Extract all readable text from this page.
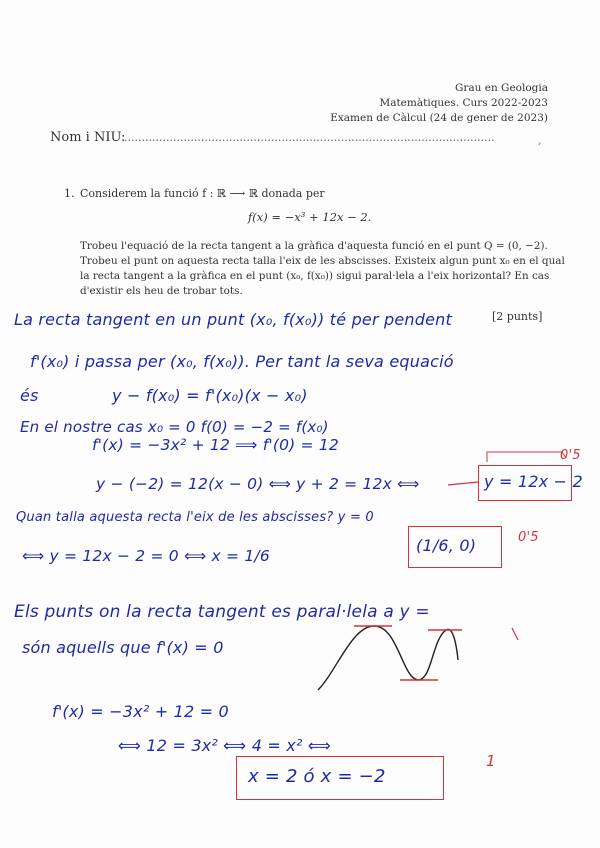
Grau en Geologia
Matemàtiques. Curs 2022-2023
Examen de Càlcul (24 de gener de 2023)
Nom i NIU:
..........................................................................................................	,
1. Considerem la funció f : ℝ ⟶ ℝ donada per
f(x) = −x³ + 12x − 2.
Trobeu l'equació de la recta tangent a la gràfica d'aquesta funció en el punt Q = (0, −2).
Trobeu el punt on aquesta recta talla l'eix de les abscisses. Existeix algun punt x₀ en el qual
la recta tangent a la gràfica en el punt (x₀, f(x₀)) sigui paral·lela a l'eix horizontal? En cas
d'existir els heu de trobar tots.
[2 punts]
La recta tangent en un punt (x₀, f(x₀)) té per pendent
f'(x₀) i passa per (x₀, f(x₀)). Per tant la seva equació
és	y − f(x₀) = f'(x₀)(x − x₀)
En el nostre cas x₀ = 0 f(0) = −2 = f(x₀)
f'(x) = −3x² + 12 ⟹ f'(0) = 12
y − (−2) = 12(x − 0) ⟺ y + 2 = 12x ⟺	y = 12x − 2
0'5
Quan talla aquesta recta l'eix de les abscisses? y = 0
⟺ y = 12x − 2 = 0 ⟺ x = 1/6
(1/6, 0)	0'5
Els punts on la recta tangent es paral·lela a y =
són aquells que f'(x) = 0
f'(x) = −3x² + 12 = 0
⟺ 12 = 3x² ⟺ 4 = x² ⟺
x = 2 ó x = −2
1
